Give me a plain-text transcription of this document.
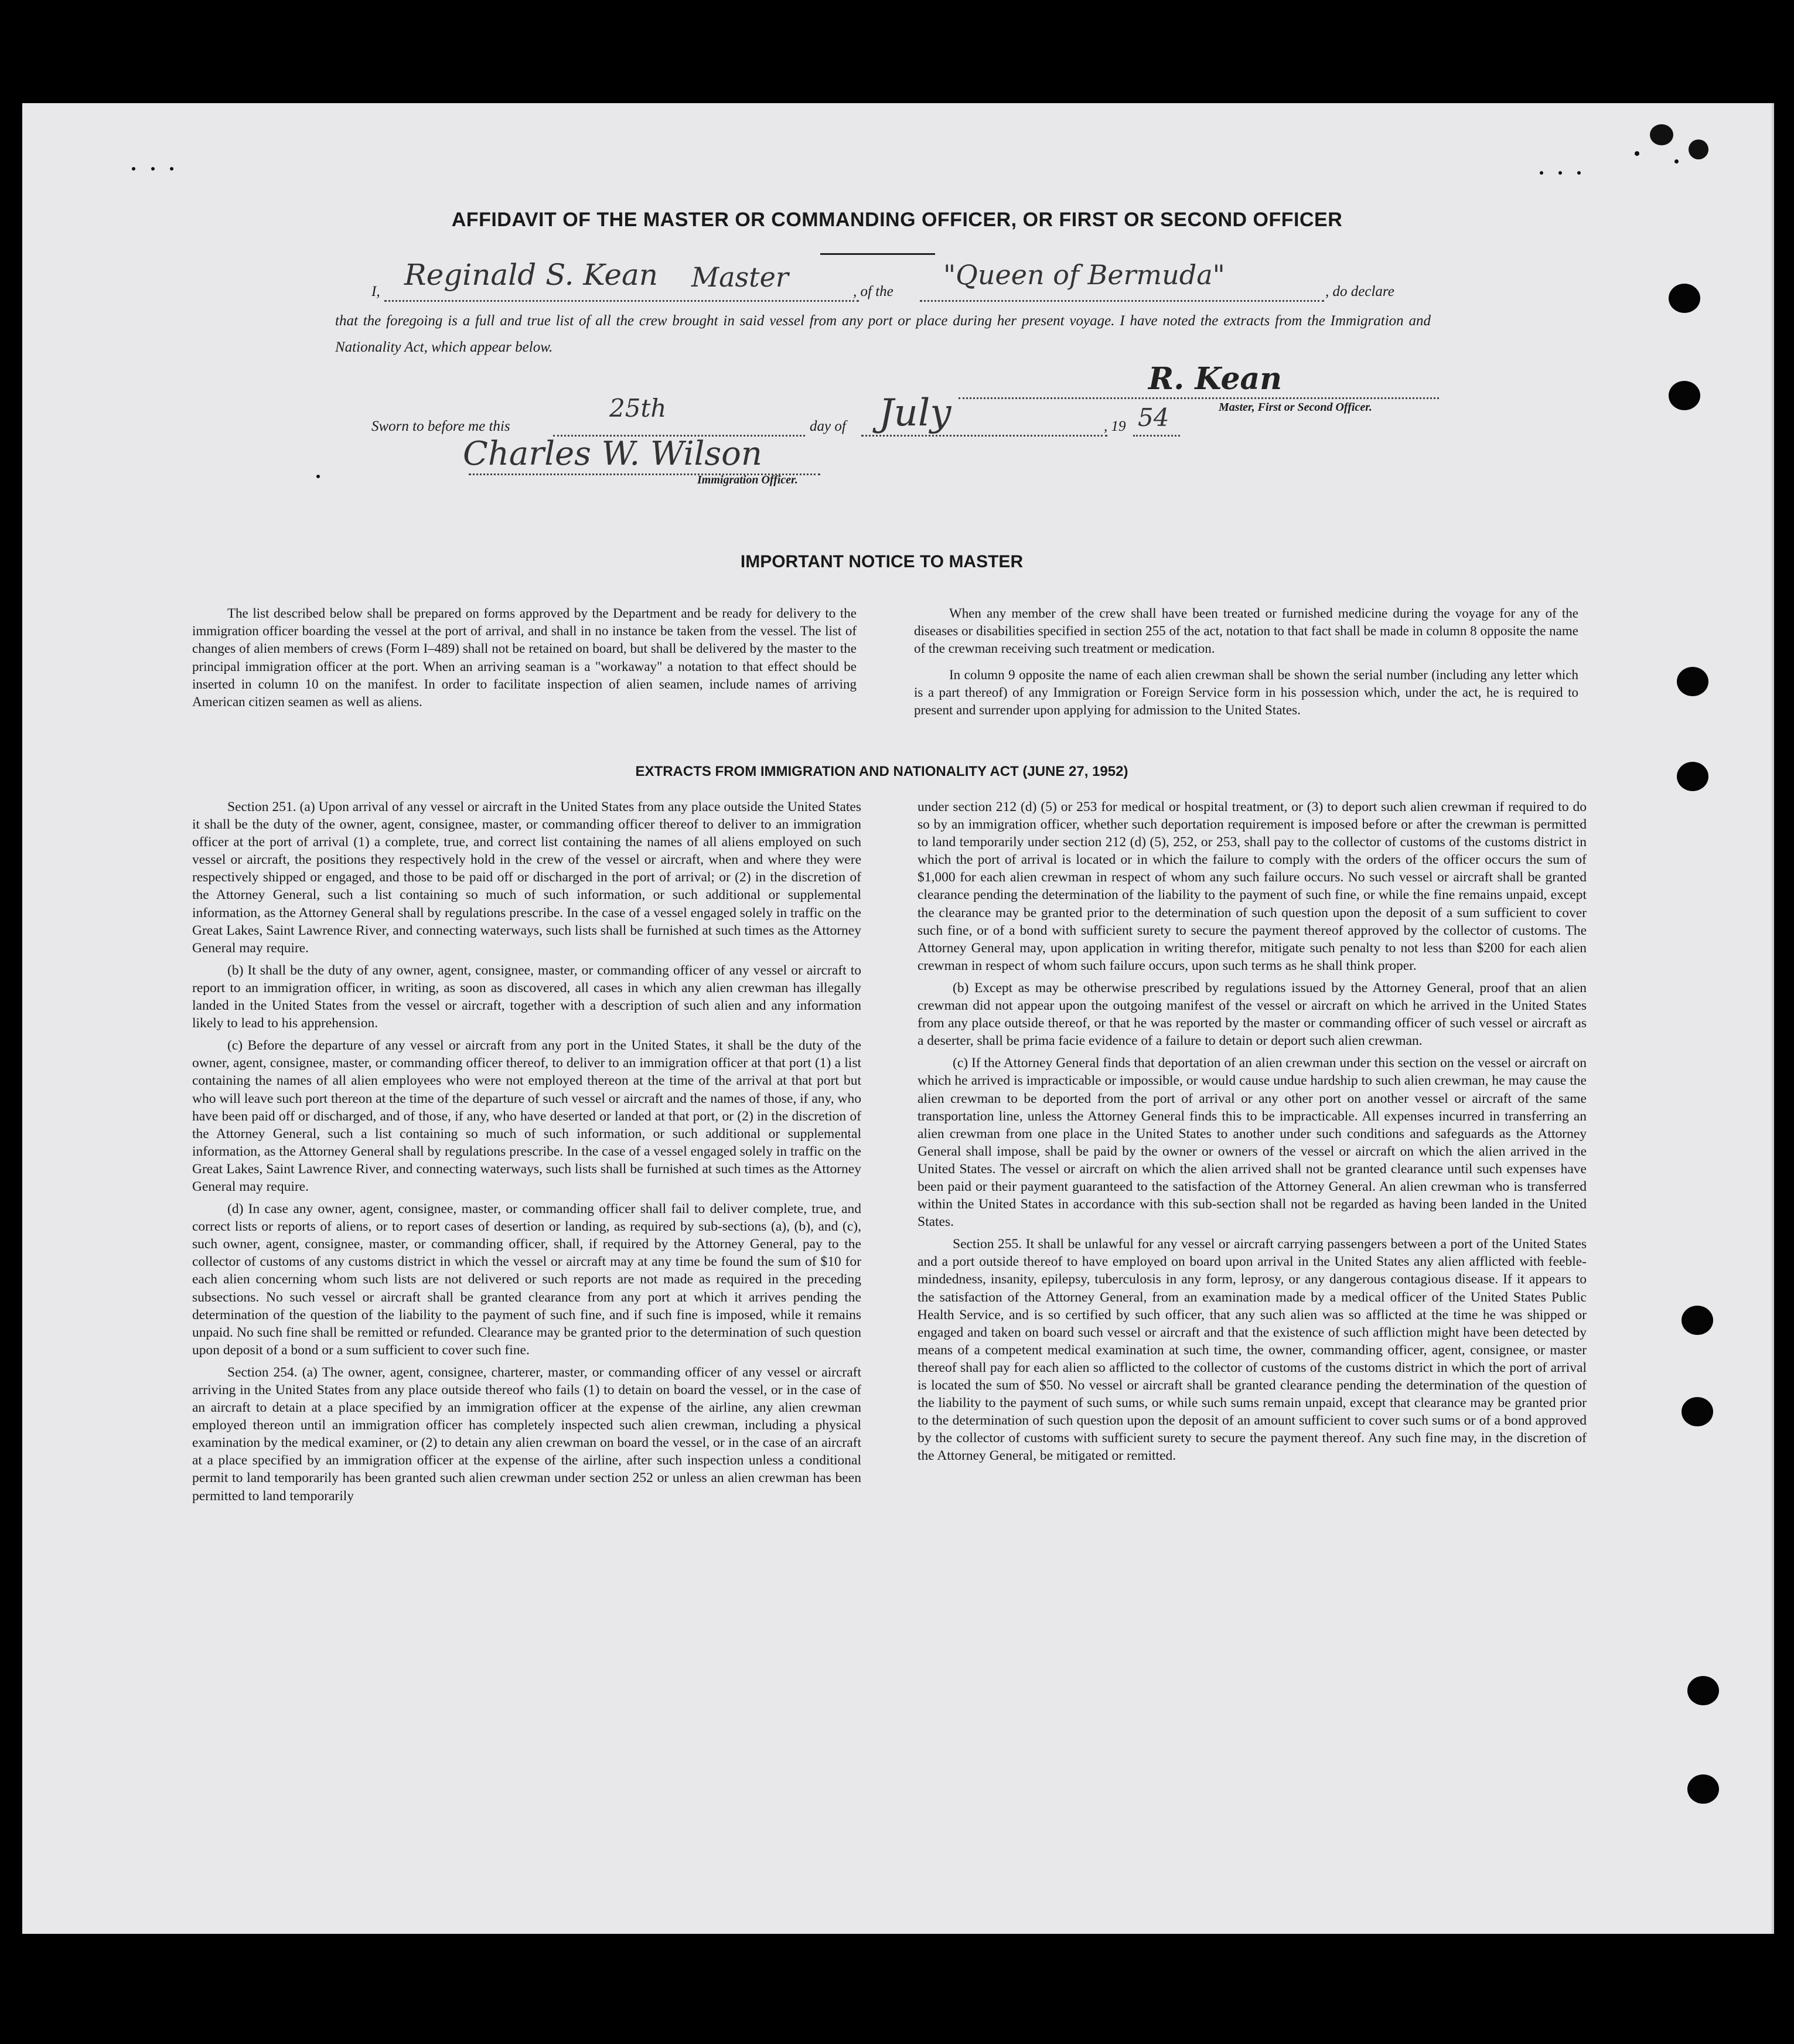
AFFIDAVIT OF THE MASTER OR COMMANDING OFFICER, OR FIRST OR SECOND OFFICER
I, Reginald S. Kean Master	, of the
"Queen of Bermuda"
, do declare
that the foregoing is a full and true list of all the crew brought in said vessel from any port or place during her present voyage. I have noted the extracts from the Immigration and Nationality Act, which appear below.
R. Kean
Master, First or Second Officer.
Sworn to before me this
25th
day of July	, 19 54
Charles W. Wilson
Immigration Officer.
IMPORTANT NOTICE TO MASTER

The list described below shall be prepared on forms approved by the Department and be ready for delivery to the immigration officer boarding the vessel at the port of arrival, and shall in no instance be taken from the vessel. The list of changes of alien members of crews (Form I–489) shall not be retained on board, but shall be delivered by the master to the principal immigration officer at the port. When an arriving seaman is a "workaway" a notation to that effect should be inserted in column 10 on the manifest. In order to facilitate inspection of alien seamen, include names of arriving American citizen seamen as well as aliens.

When any member of the crew shall have been treated or furnished medicine during the voyage for any of the diseases or disabilities specified in section 255 of the act, notation to that fact shall be made in column 8 opposite the name of the crewman receiving such treatment or medication.

In column 9 opposite the name of each alien crewman shall be shown the serial number (including any letter which is a part thereof) of any Immigration or Foreign Service form in his possession which, under the act, he is required to present and surrender upon applying for admission to the United States.

EXTRACTS FROM IMMIGRATION AND NATIONALITY ACT (JUNE 27, 1952)

Section 251. (a) Upon arrival of any vessel or aircraft in the United States from any place outside the United States it shall be the duty of the owner, agent, consignee, master, or commanding officer thereof to deliver to an immigration officer at the port of arrival (1) a complete, true, and correct list containing the names of all aliens employed on such vessel or aircraft, the positions they respectively hold in the crew of the vessel or aircraft, when and where they were respectively shipped or engaged, and those to be paid off or discharged in the port of arrival; or (2) in the discretion of the Attorney General, such a list containing so much of such information, or such additional or supplemental information, as the Attorney General shall by regulations prescribe. In the case of a vessel engaged solely in traffic on the Great Lakes, Saint Lawrence River, and connecting waterways, such lists shall be furnished at such times as the Attorney General may require.

(b) It shall be the duty of any owner, agent, consignee, master, or commanding officer of any vessel or aircraft to report to an immigration officer, in writing, as soon as discovered, all cases in which any alien crewman has illegally landed in the United States from the vessel or aircraft, together with a description of such alien and any information likely to lead to his apprehension.

(c) Before the departure of any vessel or aircraft from any port in the United States, it shall be the duty of the owner, agent, consignee, master, or commanding officer thereof, to deliver to an immigration officer at that port (1) a list containing the names of all alien employees who were not employed thereon at the time of the arrival at that port but who will leave such port thereon at the time of the departure of such vessel or aircraft and the names of those, if any, who have been paid off or discharged, and of those, if any, who have deserted or landed at that port, or (2) in the discretion of the Attorney General, such a list containing so much of such information, or such additional or supplemental information, as the Attorney General shall by regulations prescribe. In the case of a vessel engaged solely in traffic on the Great Lakes, Saint Lawrence River, and connecting waterways, such lists shall be furnished at such times as the Attorney General may require.

(d) In case any owner, agent, consignee, master, or commanding officer shall fail to deliver complete, true, and correct lists or reports of aliens, or to report cases of desertion or landing, as required by sub-sections (a), (b), and (c), such owner, agent, consignee, master, or commanding officer, shall, if required by the Attorney General, pay to the collector of customs of any customs district in which the vessel or aircraft may at any time be found the sum of $10 for each alien concerning whom such lists are not delivered or such reports are not made as required in the preceding subsections. No such vessel or aircraft shall be granted clearance from any port at which it arrives pending the determination of the question of the liability to the payment of such fine, and if such fine is imposed, while it remains unpaid. No such fine shall be remitted or refunded. Clearance may be granted prior to the determination of such question upon deposit of a bond or a sum sufficient to cover such fine.

Section 254. (a) The owner, agent, consignee, charterer, master, or commanding officer of any vessel or aircraft arriving in the United States from any place outside thereof who fails (1) to detain on board the vessel, or in the case of an aircraft to detain at a place specified by an immigration officer at the expense of the airline, any alien crewman employed thereon until an immigration officer has completely inspected such alien crewman, including a physical examination by the medical examiner, or (2) to detain any alien crewman on board the vessel, or in the case of an aircraft at a place specified by an immigration officer at the expense of the airline, after such inspection unless a conditional permit to land temporarily has been granted such alien crewman under section 252 or unless an alien crewman has been permitted to land temporarily

under section 212 (d) (5) or 253 for medical or hospital treatment, or (3) to deport such alien crewman if required to do so by an immigration officer, whether such deportation requirement is imposed before or after the crewman is permitted to land temporarily under section 212 (d) (5), 252, or 253, shall pay to the collector of customs of the customs district in which the port of arrival is located or in which the failure to comply with the orders of the officer occurs the sum of $1,000 for each alien crewman in respect of whom any such failure occurs. No such vessel or aircraft shall be granted clearance pending the determination of the liability to the payment of such fine, or while the fine remains unpaid, except the clearance may be granted prior to the determination of such question upon the deposit of a sum sufficient to cover such fine, or of a bond with sufficient surety to secure the payment thereof approved by the collector of customs. The Attorney General may, upon application in writing therefor, mitigate such penalty to not less than $200 for each alien crewman in respect of whom such failure occurs, upon such terms as he shall think proper.

(b) Except as may be otherwise prescribed by regulations issued by the Attorney General, proof that an alien crewman did not appear upon the outgoing manifest of the vessel or aircraft on which he arrived in the United States from any place outside thereof, or that he was reported by the master or commanding officer of such vessel or aircraft as a deserter, shall be prima facie evidence of a failure to detain or deport such alien crewman.

(c) If the Attorney General finds that deportation of an alien crewman under this section on the vessel or aircraft on which he arrived is impracticable or impossible, or would cause undue hardship to such alien crewman, he may cause the alien crewman to be deported from the port of arrival or any other port on another vessel or aircraft of the same transportation line, unless the Attorney General finds this to be impracticable. All expenses incurred in transferring an alien crewman from one place in the United States to another under such conditions and safeguards as the Attorney General shall impose, shall be paid by the owner or owners of the vessel or aircraft on which the alien arrived in the United States. The vessel or aircraft on which the alien arrived shall not be granted clearance until such expenses have been paid or their payment guaranteed to the satisfaction of the Attorney General. An alien crewman who is transferred within the United States in accordance with this sub-section shall not be regarded as having been landed in the United States.

Section 255. It shall be unlawful for any vessel or aircraft carrying passengers between a port of the United States and a port outside thereof to have employed on board upon arrival in the United States any alien afflicted with feeble-mindedness, insanity, epilepsy, tuberculosis in any form, leprosy, or any dangerous contagious disease. If it appears to the satisfaction of the Attorney General, from an examination made by a medical officer of the United States Public Health Service, and is so certified by such officer, that any such alien was so afflicted at the time he was shipped or engaged and taken on board such vessel or aircraft and that the existence of such affliction might have been detected by means of a competent medical examination at such time, the owner, commanding officer, agent, consignee, or master thereof shall pay for each alien so afflicted to the collector of customs of the customs district in which the port of arrival is located the sum of $50. No vessel or aircraft shall be granted clearance pending the determination of the question of the liability to the payment of such sums, or while such sums remain unpaid, except that clearance may be granted prior to the determination of such question upon the deposit of an amount sufficient to cover such sums or of a bond approved by the collector of customs with sufficient surety to secure the payment thereof. Any such fine may, in the discretion of the Attorney General, be mitigated or remitted.
